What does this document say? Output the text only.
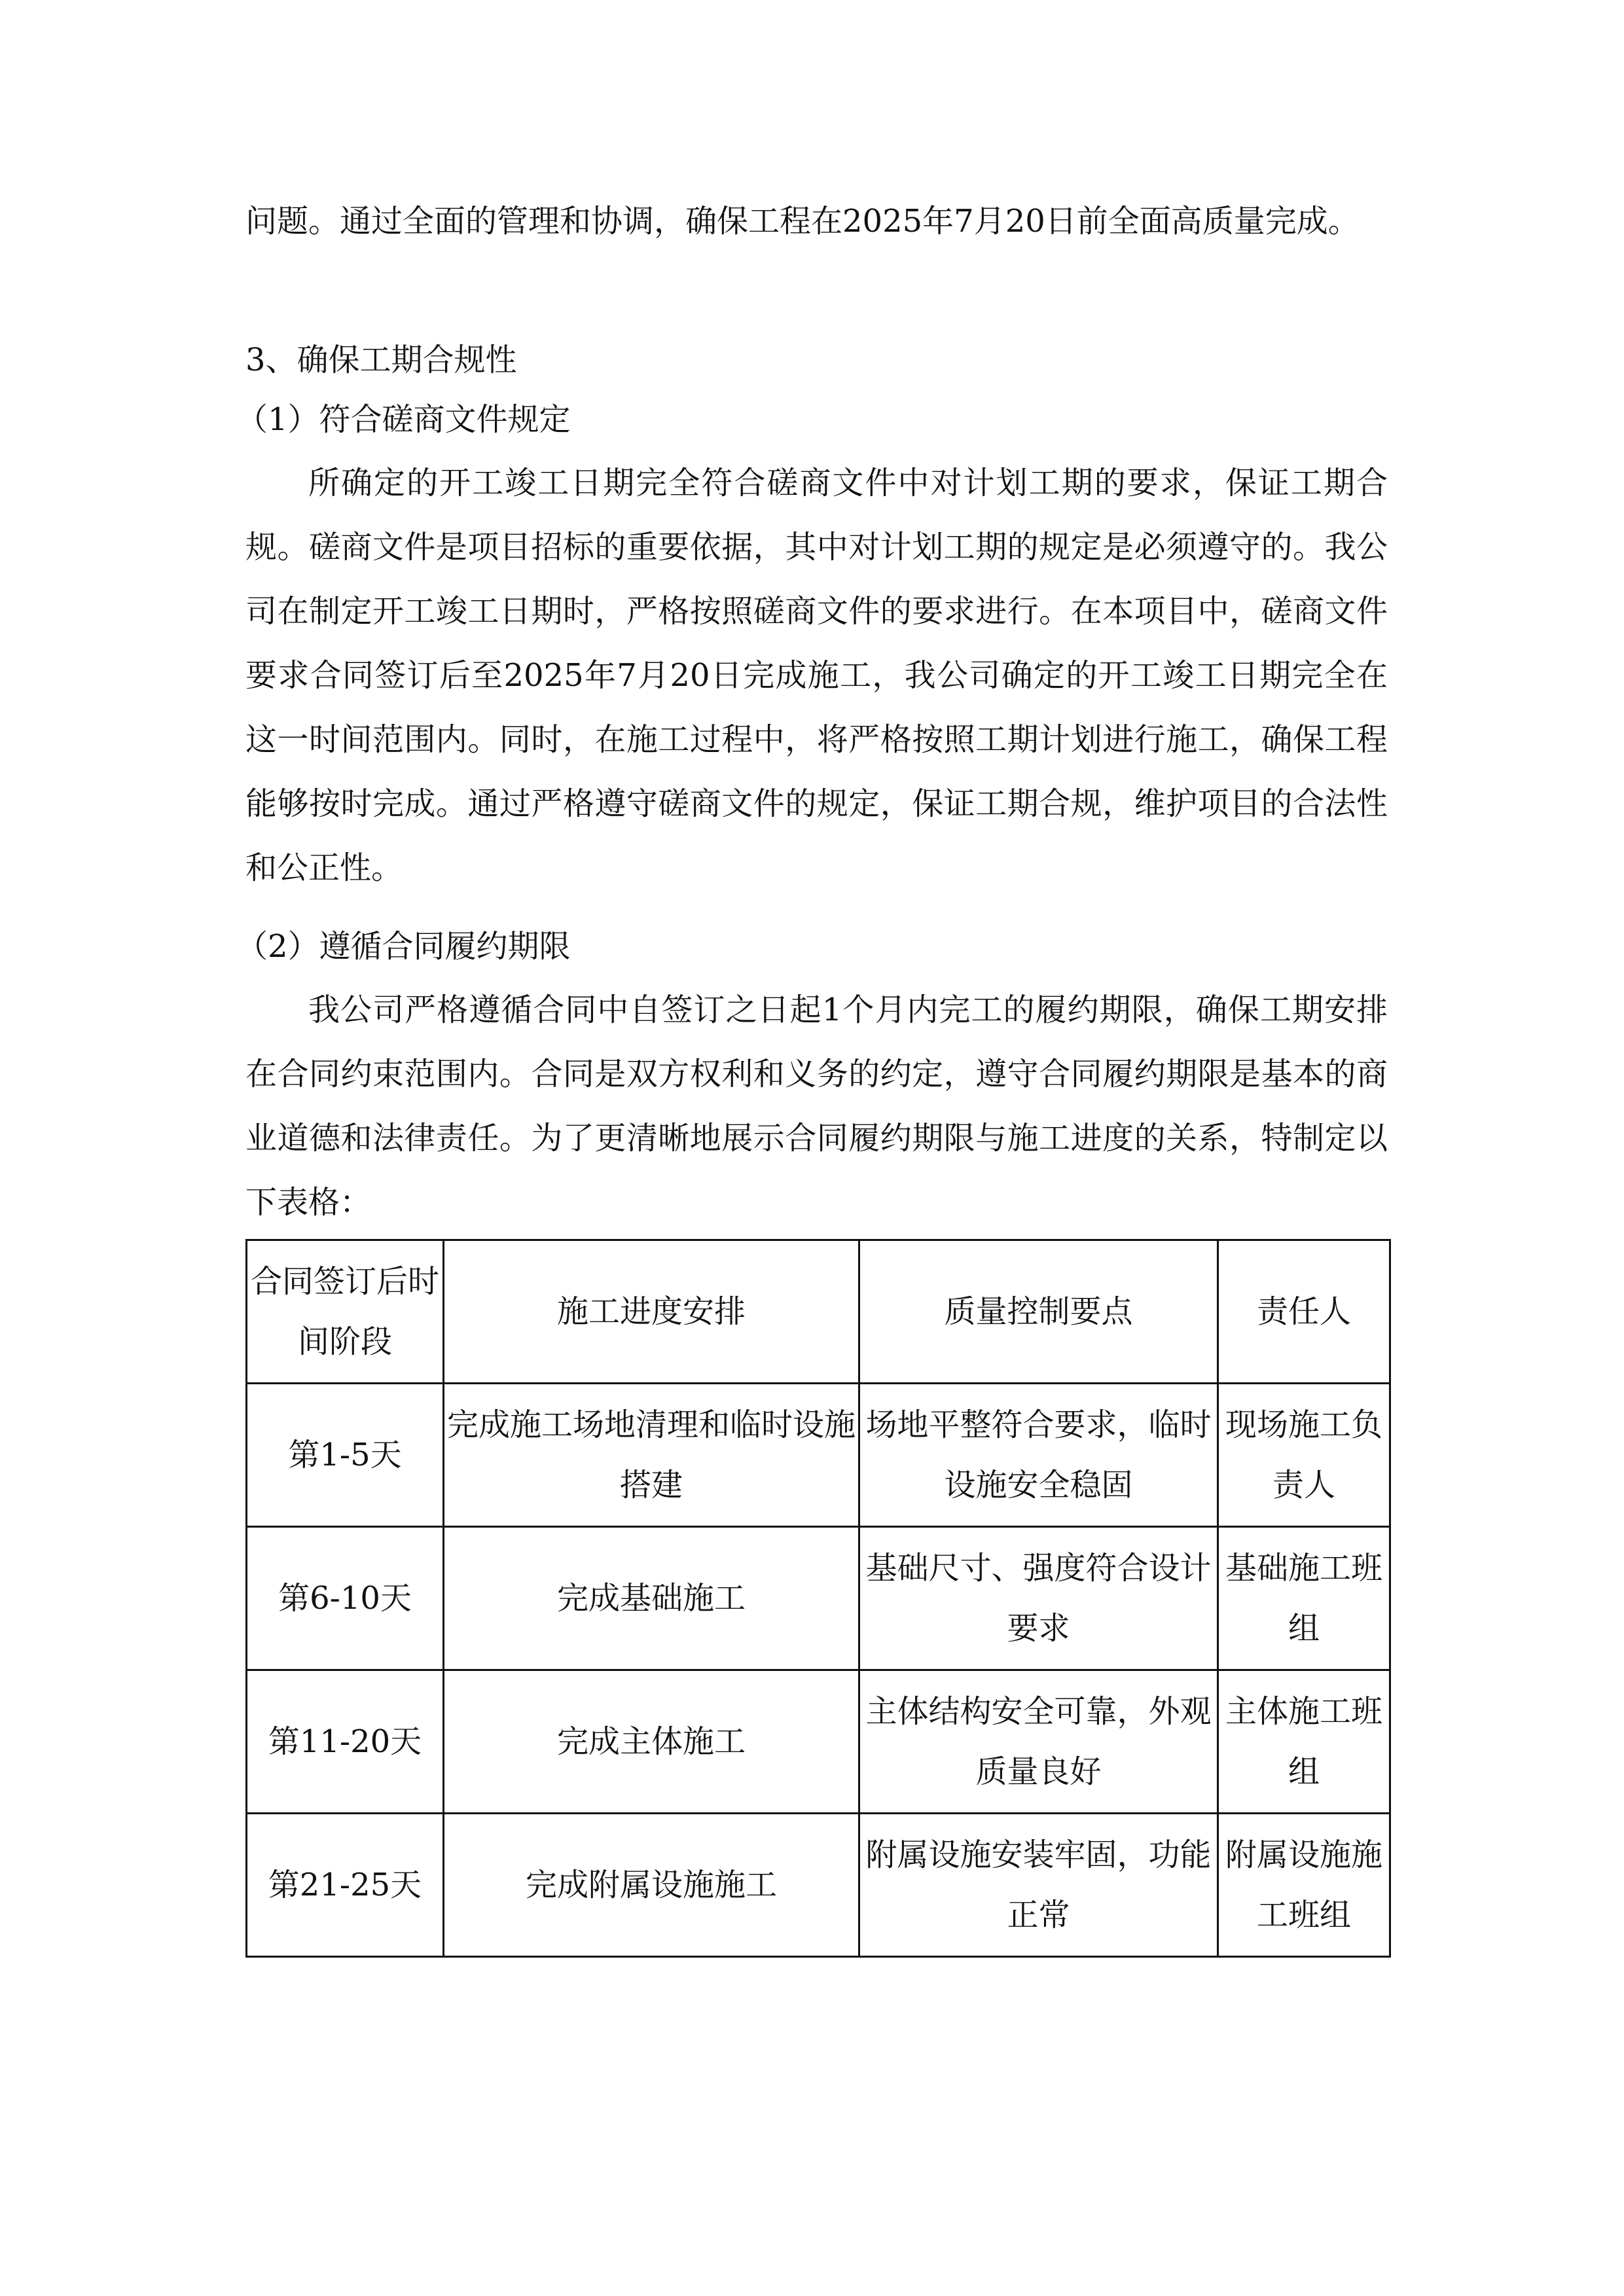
问题。通过全面的管理和协调，确保工程在2025年7月20日前全面高质量完成。

3、确保工期合规性

（1）符合磋商文件规定

所确定的开工竣工日期完全符合磋商文件中对计划工期的要求，保证工期合规。磋商文件是项目招标的重要依据，其中对计划工期的规定是必须遵守的。我公司在制定开工竣工日期时，严格按照磋商文件的要求进行。在本项目中，磋商文件要求合同签订后至2025年7月20日完成施工，我公司确定的开工竣工日期完全在这一时间范围内。同时，在施工过程中，将严格按照工期计划进行施工，确保工程能够按时完成。通过严格遵守磋商文件的规定，保证工期合规，维护项目的合法性和公正性。

（2）遵循合同履约期限

我公司严格遵循合同中自签订之日起1个月内完工的履约期限，确保工期安排在合同约束范围内。合同是双方权利和义务的约定，遵守合同履约期限是基本的商业道德和法律责任。为了更清晰地展示合同履约期限与施工进度的关系，特制定以下表格：

合同签订后时间阶段	施工进度安排	质量控制要点	责任人
第1-5天	完成施工场地清理和临时设施搭建	场地平整符合要求，临时设施安全稳固	现场施工负责人
第6-10天	完成基础施工	基础尺寸、强度符合设计要求	基础施工班组
第11-20天	完成主体施工	主体结构安全可靠，外观质量良好	主体施工班组
第21-25天	完成附属设施施工	附属设施安装牢固，功能正常	附属设施施工班组
